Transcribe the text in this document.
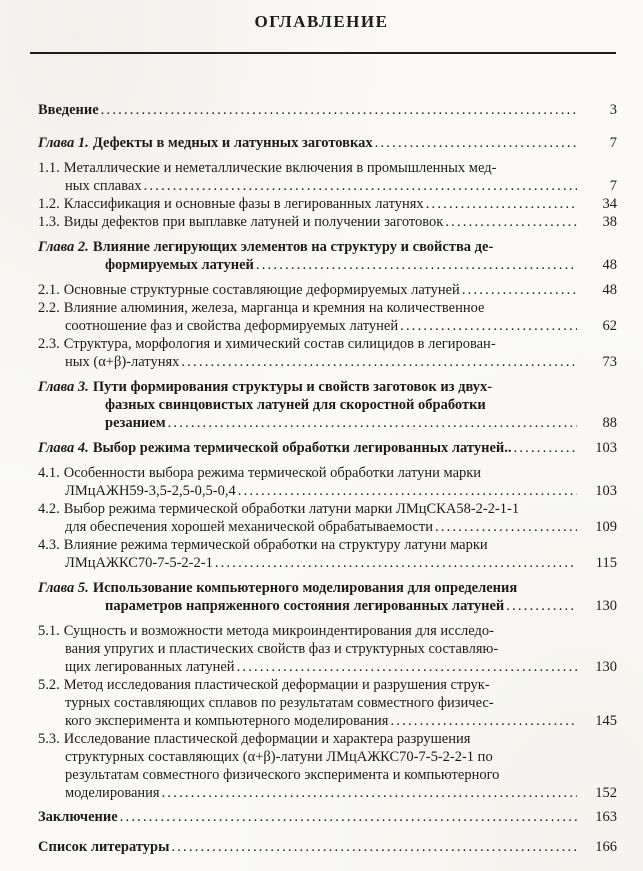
ОГЛАВЛЕНИЕ
Введение .....	3
Глава 1. Дефекты в медных и латунных заготовках .....	7
1.1. Металлические и неметаллические включения в промышленных мед-
ных сплавах .....	7
1.2. Классификация и основные фазы в легированных латунях .....	34
1.3. Виды дефектов при выплавке латуней и получении заготовок .....	38
Глава 2. Влияние легирующих элементов на структуру и свойства де-
формируемых латуней .....	48
2.1. Основные структурные составляющие деформируемых латуней .....	48
2.2. Влияние алюминия, железа, марганца и кремния на количественное
соотношение фаз и свойства деформируемых латуней .....	62
2.3. Структура, морфология и химический состав силицидов в легирован-
ных (α+β)-латунях .....	73
Глава 3. Пути формирования структуры и свойств заготовок из двух-
фазных свинцовистых латуней для скоростной обработки
резанием .....	88
Глава 4. Выбор режима термической обработки легированных латуней.. .....	103
4.1. Особенности выбора режима термической обработки латуни марки
ЛМцАЖН59-3,5-2,5-0,5-0,4 .....	103
4.2. Выбор режима термической обработки латуни марки ЛМцСКА58-2-2-1-1
для обеспечения хорошей механической обрабатываемости .....	109
4.3. Влияние режима термической обработки на структуру латуни марки
ЛМцАЖКС70-7-5-2-2-1 .....	115
Глава 5. Использование компьютерного моделирования для определения
параметров напряженного состояния легированных латуней .....	130
5.1. Сущность и возможности метода микроиндентирования для исследо-
вания упругих и пластических свойств фаз и структурных составляю-
щих легированных латуней .....	130
5.2. Метод исследования пластической деформации и разрушения струк-
турных составляющих сплавов по результатам совместного физичес-
кого эксперимента и компьютерного моделирования .....	145
5.3. Исследование пластической деформации и характера разрушения
структурных составляющих (α+β)-латуни ЛМцАЖКС70-7-5-2-2-1 по
результатам совместного физического эксперимента и компьютерного
моделирования .....	152
Заключение .....	163
Список литературы .....	166
